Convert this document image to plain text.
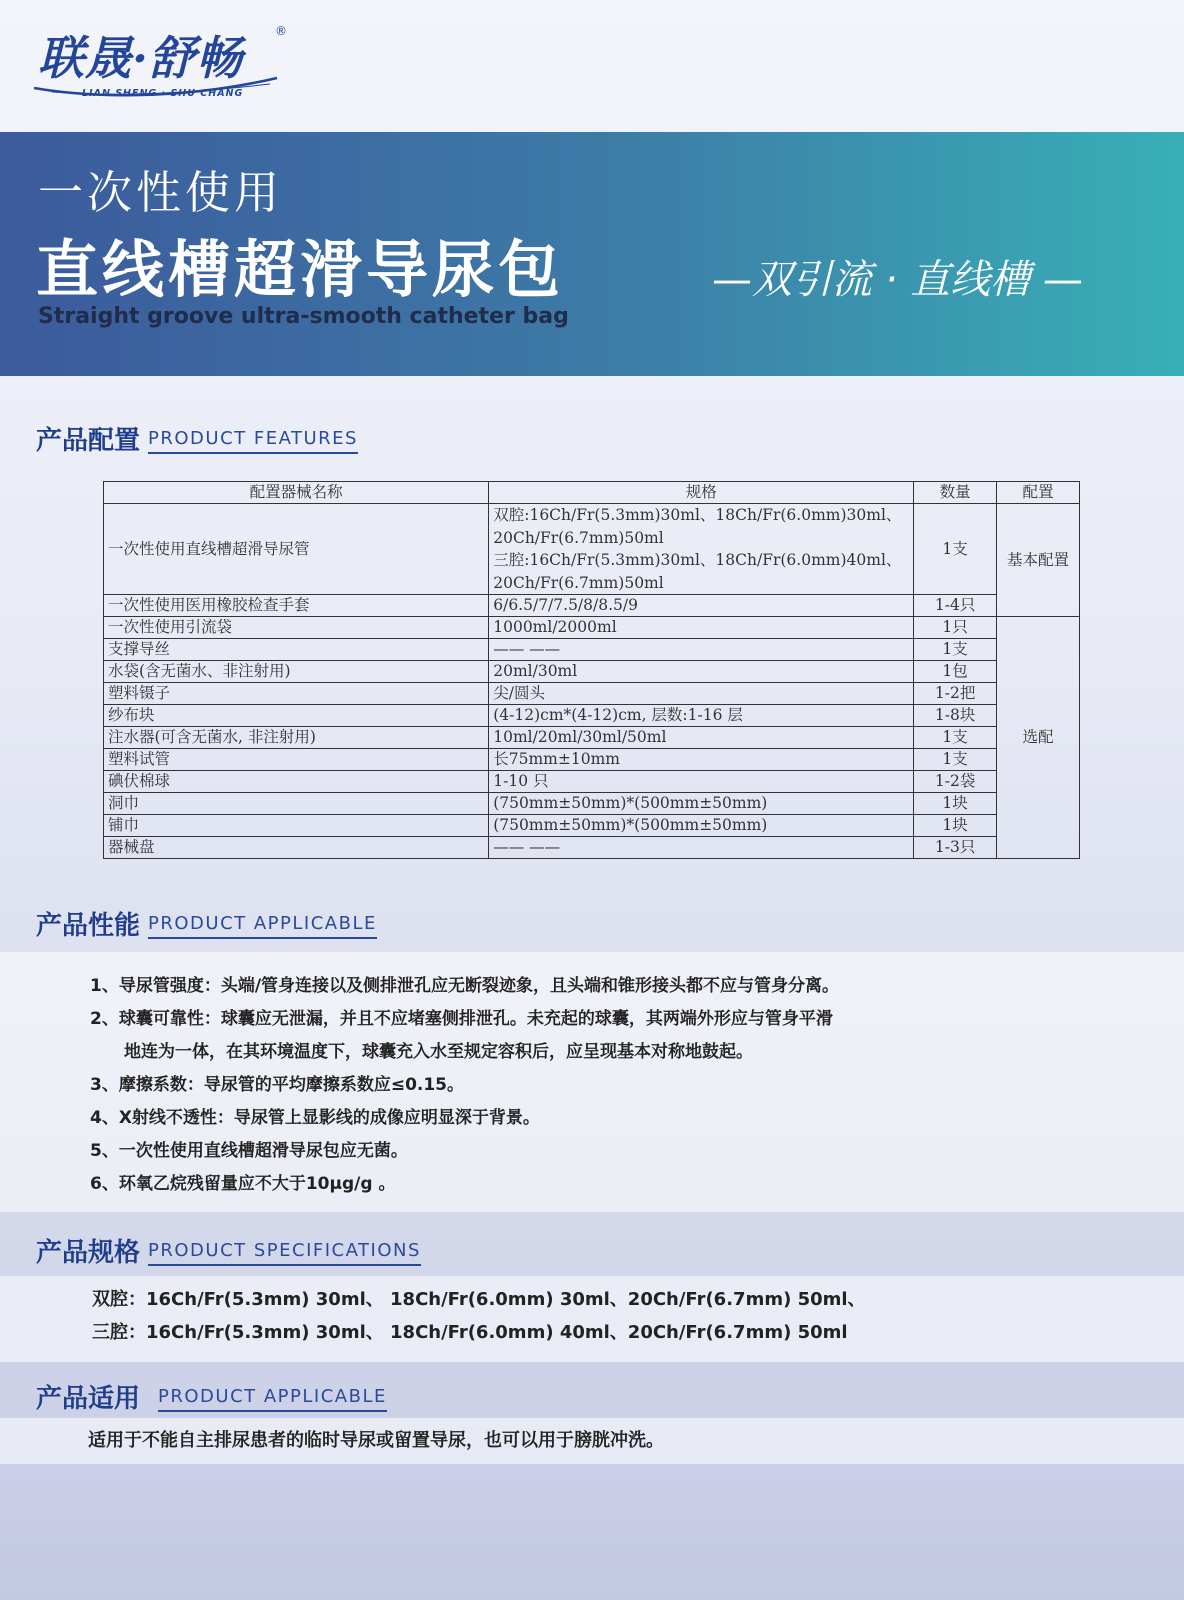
联晟·舒畅	®
LIAN SHENG · SHU CHANG
一次性使用
直线槽超滑导尿包
Straight groove ultra-smooth catheter bag
—双引流 · 直线槽 —
产品配置 PRODUCT FEATURES
配置器械名称	规格	数量	配置
一次性使用直线槽超滑导尿管	双腔:16Ch/Fr(5.3mm)30ml、18Ch/Fr(6.0mm)30ml、
20Ch/Fr(6.7mm)50ml
三腔:16Ch/Fr(5.3mm)30ml、18Ch/Fr(6.0mm)40ml、
20Ch/Fr(6.7mm)50ml	1支	基本配置
一次性使用医用橡胶检查手套	6/6.5/7/7.5/8/8.5/9	1-4只	
一次性使用引流袋	1000ml/2000ml	1只	选配
支撑导丝	—— ——	1支	
水袋(含无菌水、非注射用)	20ml/30ml	1包	
塑料镊子	尖/圆头	1-2把	
纱布块	(4-12)cm*(4-12)cm, 层数:1-16 层	1-8块	
注水器(可含无菌水, 非注射用)	10ml/20ml/30ml/50ml	1支	
塑料试管	长75mm±10mm	1支	
碘伏棉球	1-10 只	1-2袋	
洞巾	(750mm±50mm)*(500mm±50mm)	1块	
铺巾	(750mm±50mm)*(500mm±50mm)	1块	
器械盘	—— ——	1-3只	
产品性能 PRODUCT APPLICABLE
1、导尿管强度：头端/管身连接以及侧排泄孔应无断裂迹象，且头端和锥形接头都不应与管身分离。
2、球囊可靠性：球囊应无泄漏，并且不应堵塞侧排泄孔。未充起的球囊，其两端外形应与管身平滑
地连为一体，在其环境温度下，球囊充入水至规定容积后，应呈现基本对称地鼓起。
3、摩擦系数：导尿管的平均摩擦系数应≤0.15。
4、X射线不透性：导尿管上显影线的成像应明显深于背景。
5、一次性使用直线槽超滑导尿包应无菌。
6、环氧乙烷残留量应不大于10μg/g 。
产品规格 PRODUCT SPECIFICATIONS
双腔：16Ch/Fr(5.3mm) 30ml、 18Ch/Fr(6.0mm) 30ml、20Ch/Fr(6.7mm) 50ml、
三腔：16Ch/Fr(5.3mm) 30ml、 18Ch/Fr(6.0mm) 40ml、20Ch/Fr(6.7mm) 50ml
产品适用 PRODUCT APPLICABLE
适用于不能自主排尿患者的临时导尿或留置导尿，也可以用于膀胱冲洗。
